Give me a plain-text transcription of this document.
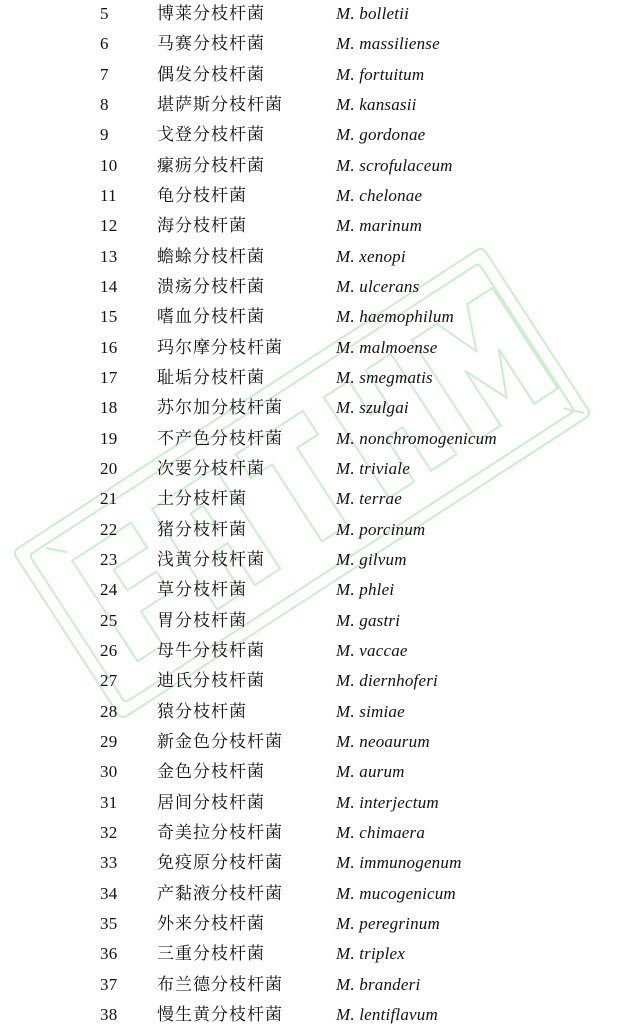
5	博莱分枝杆菌	M. bolletii
6	马赛分枝杆菌	M. massiliense
7	偶发分枝杆菌	M. fortuitum
8	堪萨斯分枝杆菌	M. kansasii
9	戈登分枝杆菌	M. gordonae
10 瘰疬分枝杆菌	M. scrofulaceum
11 龟分枝杆菌	M. chelonae
12 海分枝杆菌	M. marinum
13 蟾蜍分枝杆菌	M. xenopi
14 溃疡分枝杆菌	M. ulcerans
15 嗜血分枝杆菌	M. haemophilum
16 玛尔摩分枝杆菌	M. malmoense
17 耻垢分枝杆菌	M. smegmatis
18 苏尔加分枝杆菌	M. szulgai
19 不产色分枝杆菌	M. nonchromogenicum
20 次要分枝杆菌	M. triviale
21 土分枝杆菌	M. terrae
22 猪分枝杆菌	M. porcinum
23 浅黄分枝杆菌	M. gilvum
24 草分枝杆菌	M. phlei
25 胃分枝杆菌	M. gastri
26 母牛分枝杆菌	M. vaccae
27 迪氏分枝杆菌	M. diernhoferi
28 猿分枝杆菌	M. simiae
29 新金色分枝杆菌	M. neoaurum
30 金色分枝杆菌	M. aurum
31 居间分枝杆菌	M. interjectum
32 奇美拉分枝杆菌	M. chimaera
33 免疫原分枝杆菌	M. immunogenum
34 产黏液分枝杆菌	M. mucogenicum
35 外来分枝杆菌	M. peregrinum
36 三重分枝杆菌	M. triplex
37 布兰德分枝杆菌	M. branderi
38 慢生黄分枝杆菌	M. lentiflavum
